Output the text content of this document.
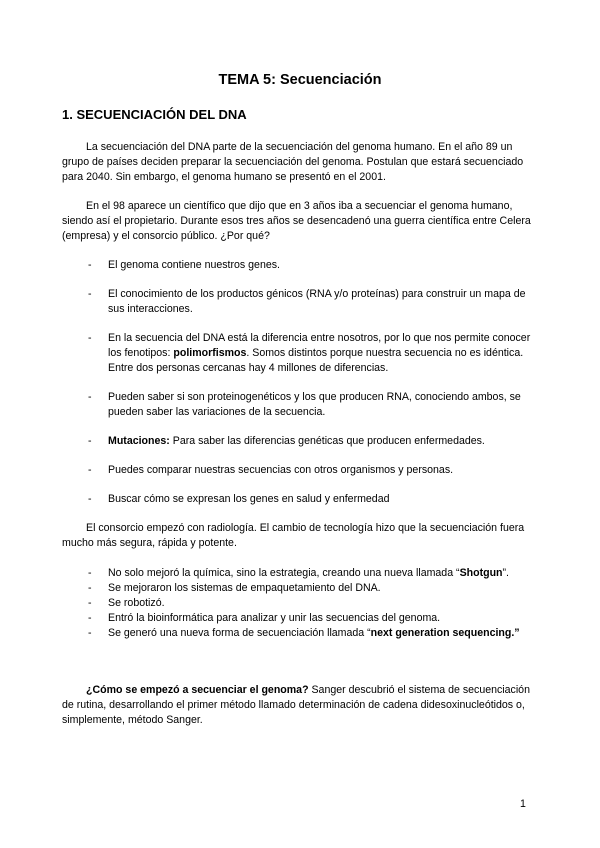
TEMA 5: Secuenciación
1. SECUENCIACIÓN DEL DNA

La secuenciación del DNA parte de la secuenciación del genoma humano. En el año 89 un grupo de países deciden preparar la secuenciación del genoma. Postulan que estará secuenciado para 2040. Sin embargo, el genoma humano se presentó en el 2001.

En el 98 aparece un científico que dijo que en 3 años iba a secuenciar el genoma humano, siendo así el propietario. Durante esos tres años se desencadenó una guerra científica entre Celera (empresa) y el consorcio público. ¿Por qué?

- El genoma contiene nuestros genes.
- El conocimiento de los productos génicos (RNA y/o proteínas) para construir un mapa de sus interacciones.
- En la secuencia del DNA está la diferencia entre nosotros, por lo que nos permite conocer los fenotipos: polimorfismos. Somos distintos porque nuestra secuencia no es idéntica. Entre dos personas cercanas hay 4 millones de diferencias.
- Pueden saber si son proteinogenéticos y los que producen RNA, conociendo ambos, se pueden saber las variaciones de la secuencia.
- Mutaciones: Para saber las diferencias genéticas que producen enfermedades.
- Puedes comparar nuestras secuencias con otros organismos y personas.
- Buscar cómo se expresan los genes en salud y enfermedad

El consorcio empezó con radiología. El cambio de tecnología hizo que la secuenciación fuera mucho más segura, rápida y potente.

- No solo mejoró la química, sino la estrategia, creando una nueva llamada “Shotgun”.
- Se mejoraron los sistemas de empaquetamiento del DNA.
- Se robotizó.
- Entró la bioinformática para analizar y unir las secuencias del genoma.
- Se generó una nueva forma de secuenciación llamada “next generation sequencing.”

¿Cómo se empezó a secuenciar el genoma? Sanger descubrió el sistema de secuenciación de rutina, desarrollando el primer método llamado determinación de cadena didesoxinucleótidos o, simplemente, método Sanger.

1
